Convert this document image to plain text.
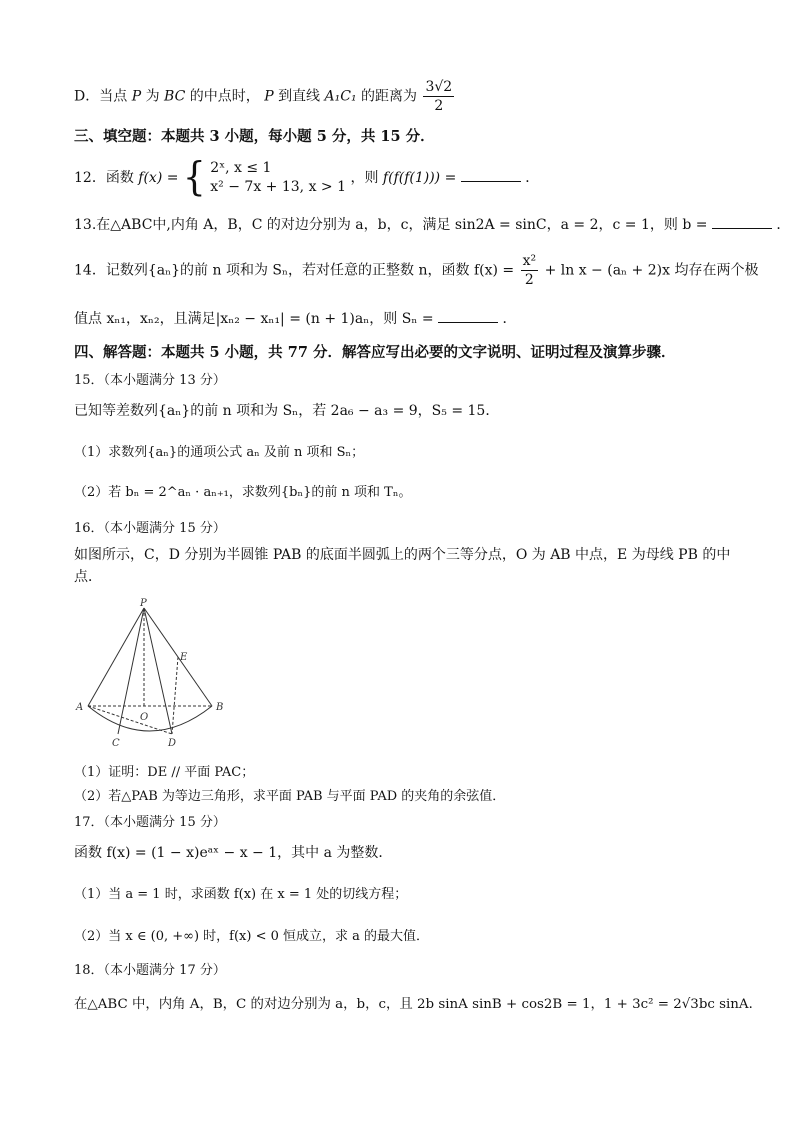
D．当点 P 为 BC 的中点时， P 到直线 A₁C₁ 的距离为 $\frac{3√2}{2}$
三、填空题：本题共 3 小题，每小题 5 分，共 15 分．
12．函数 f(x) = { 2ˣ, x ≤ 1
x² − 7x + 13, x > 1
，则 f(f(f(1))) =	．
13.在△ABC中,内角 A，B，C 的对边分别为 a，b，c，满足 sin2A = sinC，a = 2，c = 1，则 b =	．
14．记数列{aₙ}的前 n 项和为 Sₙ，若对任意的正整数 n，函数 $f(x) = \frac{\text{x²}}{2} + \ln x - (a_n + 2)x$ 均存在两个极
值点 xₙ₁，xₙ₂，且满足|xₙ₂ − xₙ₁| = (n + 1)aₙ，则 Sₙ =	．
四、解答题：本题共 5 小题，共 77 分．解答应写出必要的文字说明、证明过程及演算步骤．
15．（本小题满分 13 分）
已知等差数列{aₙ}的前 n 项和为 Sₙ，若 2a₆ − a₃ = 9，S₅ = 15．
（1）求数列{aₙ}的通项公式 aₙ 及前 n 项和 Sₙ；
（2）若 bₙ = 2^aₙ · aₙ₊₁，求数列{bₙ}的前 n 项和 Tₙ。
16．（本小题满分 15 分）
如图所示，C，D 分别为半圆锥 PAB 的底面半圆弧上的两个三等分点，O 为 AB 中点，E 为母线 PB 的中
点．
P
E
A
O
B
C	D
（1）证明：DE // 平面 PAC；
（2）若△PAB 为等边三角形，求平面 PAB 与平面 PAD 的夹角的余弦值．
17．（本小题满分 15 分）
函数 f(x) = (1 − x)eᵃˣ − x − 1，其中 a 为整数．
（1）当 a = 1 时，求函数 f(x) 在 x = 1 处的切线方程；
（2）当 x ∈ (0, +∞) 时，f(x) < 0 恒成立，求 a 的最大值．
18．（本小题满分 17 分）
在△ABC 中，内角 A，B，C 的对边分别为 a，b，c，且 2b sinA sinB + cos2B = 1，1 + 3c² = 2√3bc sinA．
